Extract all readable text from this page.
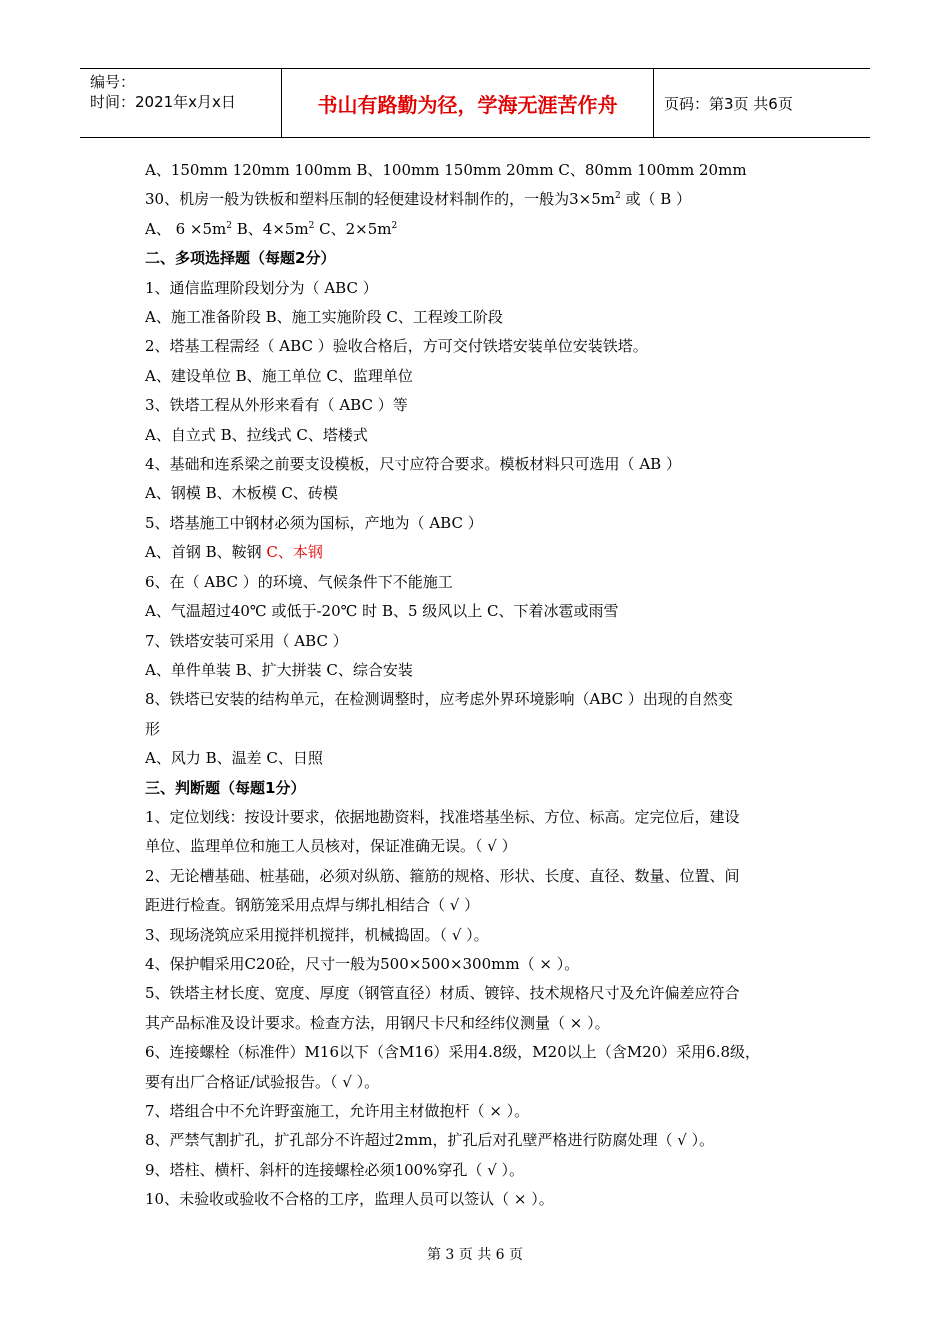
编号：
时间：2021年x月x日	书山有路勤为径，学海无涯苦作舟	页码：第3页 共6页
A、150mm 120mm 100mm B、100mm 150mm 20mm C、80mm 100mm 20mm
30、机房一般为铁板和塑料压制的轻便建设材料制作的，一般为$3\times 5m^2$ 或（ B ）
A、 $6 \times 5m^2$ B、$4\times 5m^2$ C、$2\times 5m^2$
二、多项选择题（每题2分）
1、通信监理阶段划分为（ ABC ）
A、施工准备阶段 B、施工实施阶段 C、工程竣工阶段
2、塔基工程需经（ ABC ）验收合格后，方可交付铁塔安装单位安装铁塔。
A、建设单位 B、施工单位 C、监理单位
3、铁塔工程从外形来看有（ ABC ）等
A、自立式 B、拉线式 C、塔楼式
4、基础和连系梁之前要支设模板，尺寸应符合要求。模板材料只可选用（ AB ）
A、钢模 B、木板模 C、砖模
5、塔基施工中钢材必须为国标，产地为（ ABC ）
A、首钢 B、鞍钢 C、本钢
6、在（ ABC ）的环境、气候条件下不能施工
A、气温超过40℃ 或低于-20℃ 时 B、5 级风以上 C、下着冰雹或雨雪
7、铁塔安装可采用（ ABC ）
A、单件单装 B、扩大拼装 C、综合安装
8、铁塔已安装的结构单元，在检测调整时，应考虑外界环境影响（ABC ）出现的自然变
形
A、风力 B、温差 C、日照
三、判断题（每题1分）
1、定位划线：按设计要求，依据地勘资料，找准塔基坐标、方位、标高。定完位后，建设
单位、监理单位和施工人员核对，保证准确无误。（ √ ）
2、无论槽基础、桩基础，必须对纵筋、箍筋的规格、形状、长度、直径、数量、位置、间
距进行检查。钢筋笼采用点焊与绑扎相结合（ √ ）
3、现场浇筑应采用搅拌机搅拌，机械捣固。（ √ ）。
4、保护帽采用C20砼，尺寸一般为500×500×300mm（ × ）。
5、铁塔主材长度、宽度、厚度（钢管直径）材质、镀锌、技术规格尺寸及允许偏差应符合
其产品标准及设计要求。检查方法，用钢尺卡尺和经纬仪测量（ × ）。
6、连接螺栓（标准件）M16以下（含M16）采用4.8级，M20以上（含M20）采用6.8级，
要有出厂合格证/试验报告。（ √ ）。
7、塔组合中不允许野蛮施工，允许用主材做抱杆（ × ）。
8、严禁气割扩孔，扩孔部分不许超过2mm，扩孔后对孔壁严格进行防腐处理（ √ ）。
9、塔柱、横杆、斜杆的连接螺栓必须100%穿孔（ √ ）。
10、未验收或验收不合格的工序，监理人员可以签认（ × ）。
第 3 页 共 6 页
